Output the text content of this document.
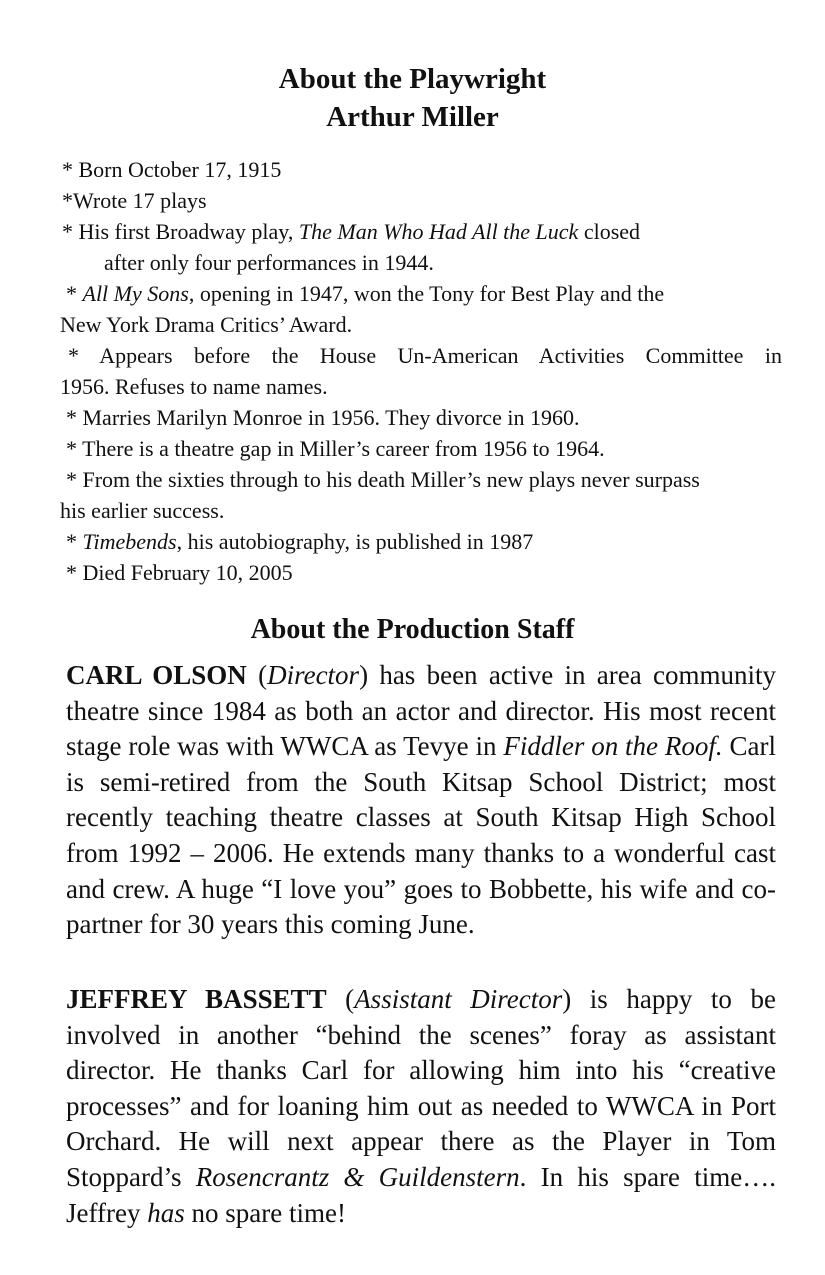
About the Playwright
Arthur Miller

* Born October 17, 1915

*Wrote 17 plays

* His first Broadway play, The Man Who Had All the Luck closed

after only four performances in 1944.

* All My Sons, opening in 1947, won the Tony for Best Play and the

New York Drama Critics’ Award.

* Appears before the House Un-American Activities Committee in

1956. Refuses to name names.

* Marries Marilyn Monroe in 1956. They divorce in 1960.

* There is a theatre gap in Miller’s career from 1956 to 1964.

* From the sixties through to his death Miller’s new plays never surpass

his earlier success.

* Timebends, his autobiography, is published in 1987

* Died February 10, 2005

About the Production Staff

CARL OLSON (Director) has been active in area community theatre since 1984 as both an actor and director. His most recent stage role was with WWCA as Tevye in Fiddler on the Roof. Carl is semi-retired from the South Kitsap School District; most recently teaching theatre classes at South Kitsap High School from 1992 – 2006. He extends many thanks to a wonderful cast and crew. A huge “I love you” goes to Bobbette, his wife and co-partner for 30 years this coming June.

JEFFREY BASSETT (Assistant Director) is happy to be involved in another “behind the scenes” foray as assistant director. He thanks Carl for allowing him into his “creative processes” and for loaning him out as needed to WWCA in Port Orchard. He will next appear there as the Player in Tom Stoppard’s Rosencrantz & Guildenstern. In his spare time…. Jeffrey has no spare time!
